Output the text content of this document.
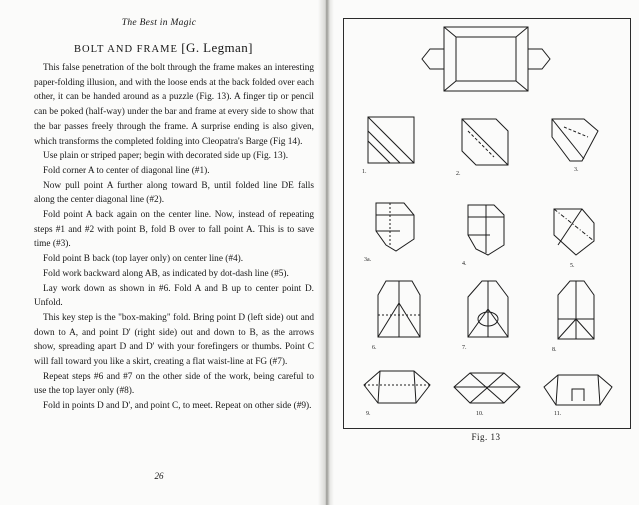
The Best in Magic
BOLT AND FRAME [G. Legman]

This false penetration of the bolt through the frame makes an interesting paper-folding illusion, and with the loose ends at the back folded over each other, it can be handed around as a puzzle (Fig. 13). A finger tip or pencil can be poked (half-way) under the bar and frame at every side to show that the bar passes freely through the frame. A surprise ending is also given, which transforms the completed folding into Cleopatra's Barge (Fig 14).

Use plain or striped paper; begin with decorated side up (Fig. 13).

Fold corner A to center of diagonal line (#1).

Now pull point A further along toward B, until folded line DE falls along the center diagonal line (#2).

Fold point A back again on the center line. Now, instead of repeating steps #1 and #2 with point B, fold B over to fall point A. This is to save time (#3).

Fold point B back (top layer only) on center line (#4).

Fold work backward along AB, as indicated by dot-dash line (#5).

Lay work down as shown in #6. Fold A and B up to center point D. Unfold.

This key step is the "box-making" fold. Bring point D (left side) out and down to A, and point D' (right side) out and down to B, as the arrows show, spreading apart D and D' with your forefingers or thumbs. Point C will fall toward you like a skirt, creating a flat waist-line at FG (#7).

Repeat steps #6 and #7 on the other side of the work, being careful to use the top layer only (#8).

Fold in points D and D', and point C, to meet. Repeat on other side (#9).

26
1.	2.
3.
3a.
4.	5.
6.	7.	8.
9.	10.	11.
Fig. 13
